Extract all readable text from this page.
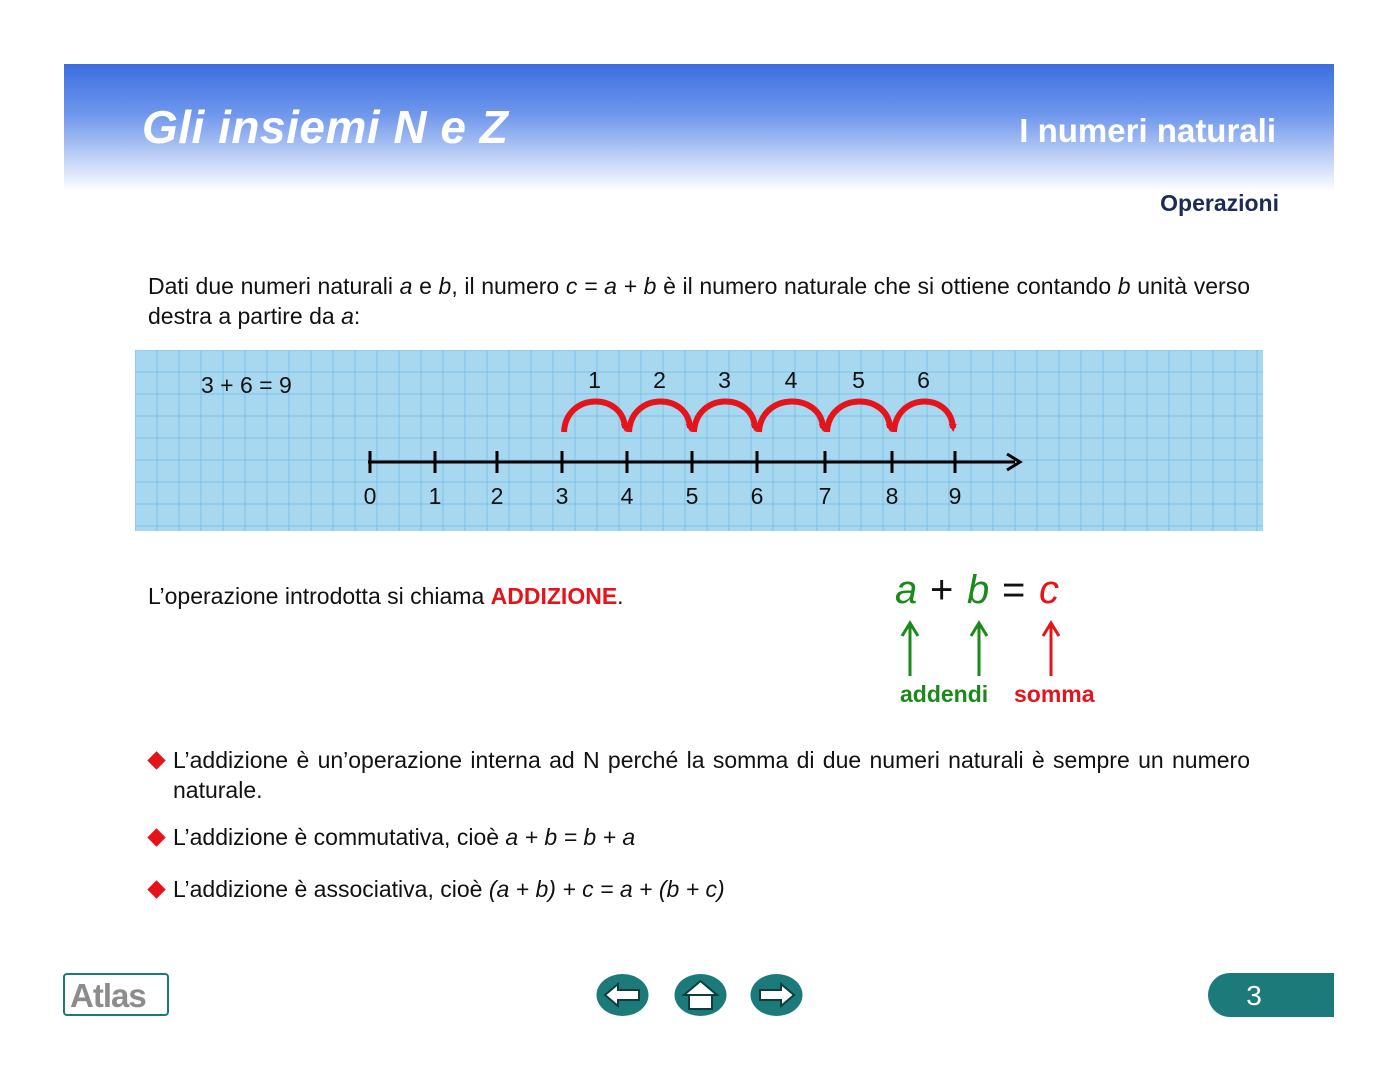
Gli insiemi N e Z	I numeri naturali
Operazioni
Dati due numeri naturali a e b, il numero c = a + b è il numero naturale che si ottiene contando b unità verso destra a partire da a:
3 + 6 = 9
0 1 2 3 4 5 6 7 8 9
1 2 3 4 5 6
L’operazione introdotta si chiama ADDIZIONE.	a + b = c
addendi somma
L’addizione è un’operazione interna ad N perché la somma di due numeri naturali è sempre un numero naturale.
L’addizione è commutativa, cioè a + b = b + a
L’addizione è associativa, cioè (a + b) + c = a + (b + c)
Atlas	3
